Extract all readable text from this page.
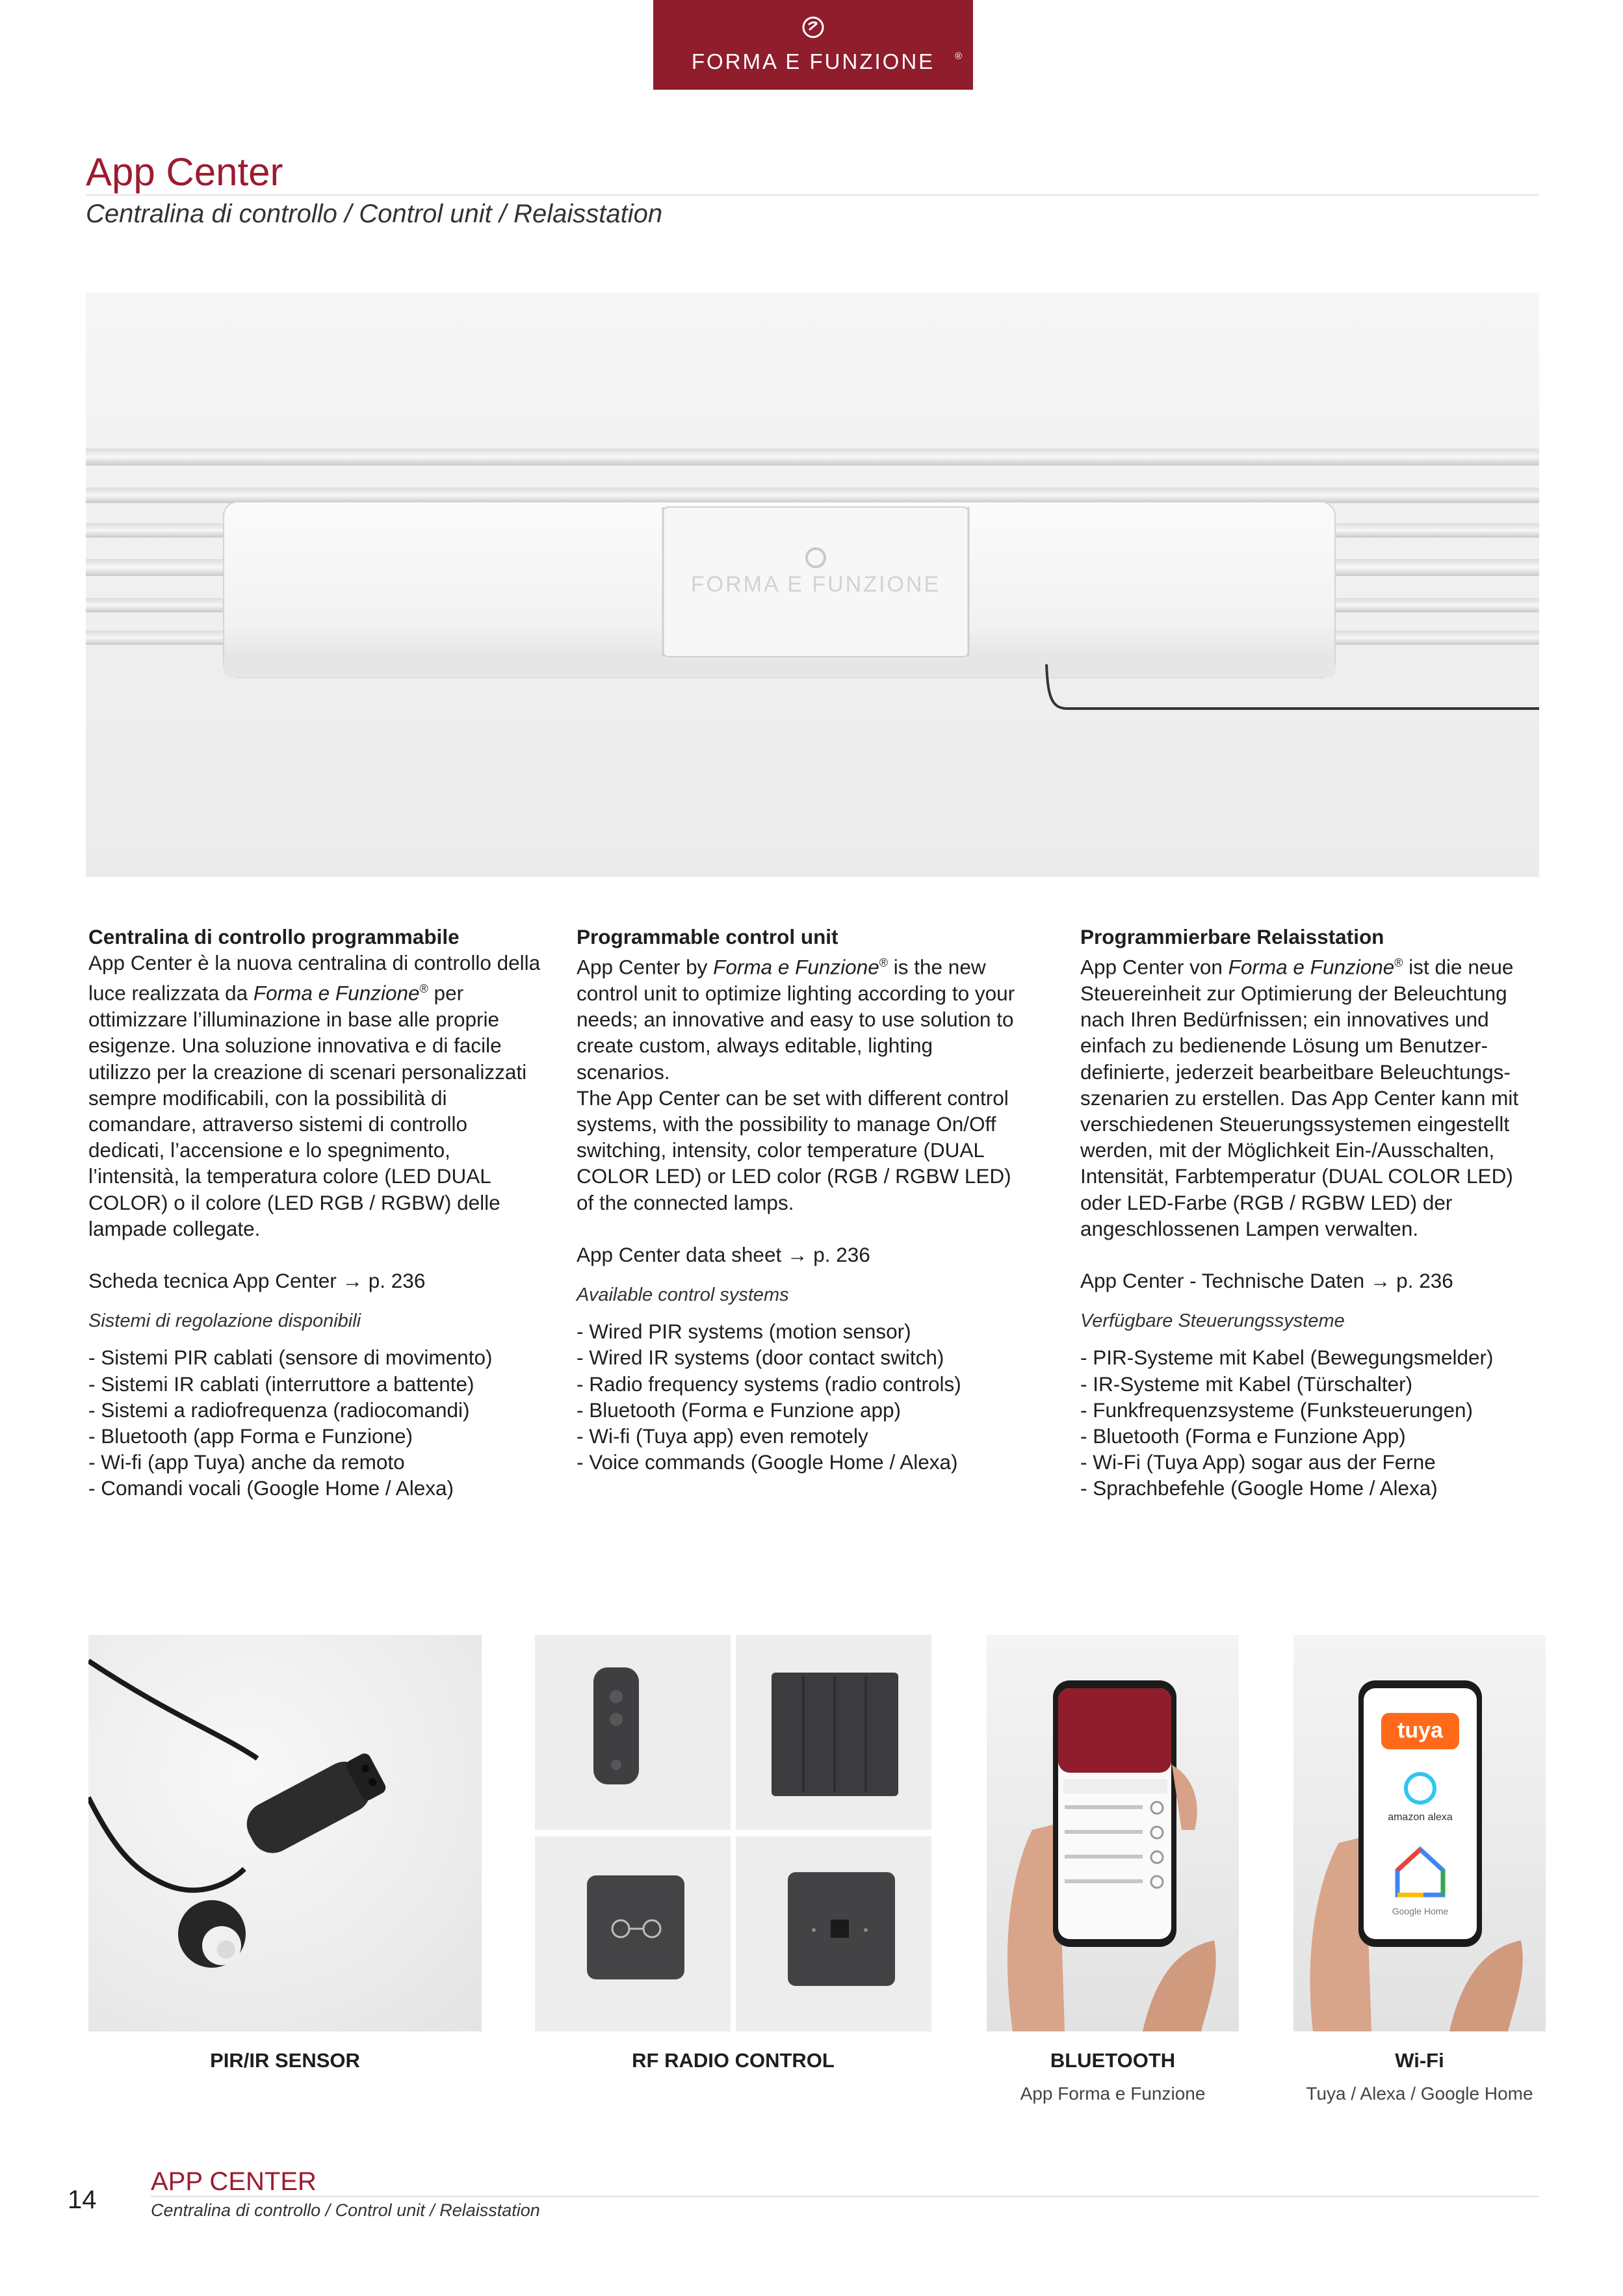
FORMA E FUNZIONE	®
App Center
Centralina di controllo / Control unit / Relaisstation
FORMA E FUNZIONE
Centralina di controllo programmabile
App Center è la nuova centralina di controllo della luce realizzata da Forma e Funzione® per ottimizzare l’illuminazione in base alle proprie esigenze. Una soluzione innovativa e di facile utilizzo per la creazione di scenari personalizzati sempre modificabili, con la possibilità di comandare, attraverso sistemi di controllo dedicati, l’accensione e lo spegnimento, l’intensità, la temperatura colore (LED DUAL COLOR) o il colore (LED RGB / RGBW) delle lampade collegate.
Scheda tecnica App Center → p. 236
Sistemi di regolazione disponibili
- Sistemi PIR cablati (sensore di movimento)
- Sistemi IR cablati (interruttore a battente)
- Sistemi a radiofrequenza (radiocomandi)
- Bluetooth (app Forma e Funzione)
- Wi-fi (app Tuya) anche da remoto
- Comandi vocali (Google Home / Alexa)
Programmable control unit
App Center by Forma e Funzione® is the new control unit to optimize lighting according to your needs; an innovative and easy to use solution to create custom, always editable, lighting scenarios.
The App Center can be set with different control systems, with the possibility to manage On/Off switching, intensity, color temperature (DUAL COLOR LED) or LED color (RGB / RGBW LED) of the connected lamps.
App Center data sheet → p. 236
Available control systems
- Wired PIR systems (motion sensor)
- Wired IR systems (door contact switch)
- Radio frequency systems (radio controls)
- Bluetooth (Forma e Funzione app)
- Wi-fi (Tuya app) even remotely
- Voice commands (Google Home / Alexa)
Programmierbare Relaisstation
App Center von Forma e Funzione® ist die neue Steuereinheit zur Optimierung der Beleuchtung nach Ihren Bedürfnissen; ein innovatives und einfach zu bedienende Lösung um Benutzer-definierte, jederzeit bearbeitbare Beleuchtungs-szenarien zu erstellen. Das App Center kann mit verschiedenen Steuerungssystemen eingestellt werden, mit der Möglichkeit Ein-/Ausschalten, Intensität, Farbtemperatur (DUAL COLOR LED) oder LED-Farbe (RGB / RGBW LED) der angeschlossenen Lampen verwalten.
App Center - Technische Daten → p. 236
Verfügbare Steuerungssysteme
- PIR-Systeme mit Kabel (Bewegungsmelder)
- IR-Systeme mit Kabel (Türschalter)
- Funkfrequenzsysteme (Funksteuerungen)
- Bluetooth (Forma e Funzione App)
- Wi-Fi (Tuya App) sogar aus der Ferne
- Sprachbefehle (Google Home / Alexa)
tuya
amazon alexa
Google Home
PIR/IR SENSOR	RF RADIO CONTROL	BLUETOOTH
App Forma e Funzione
Wi-Fi
Tuya / Alexa / Google Home
14
APP CENTER
Centralina di controllo / Control unit / Relaisstation
